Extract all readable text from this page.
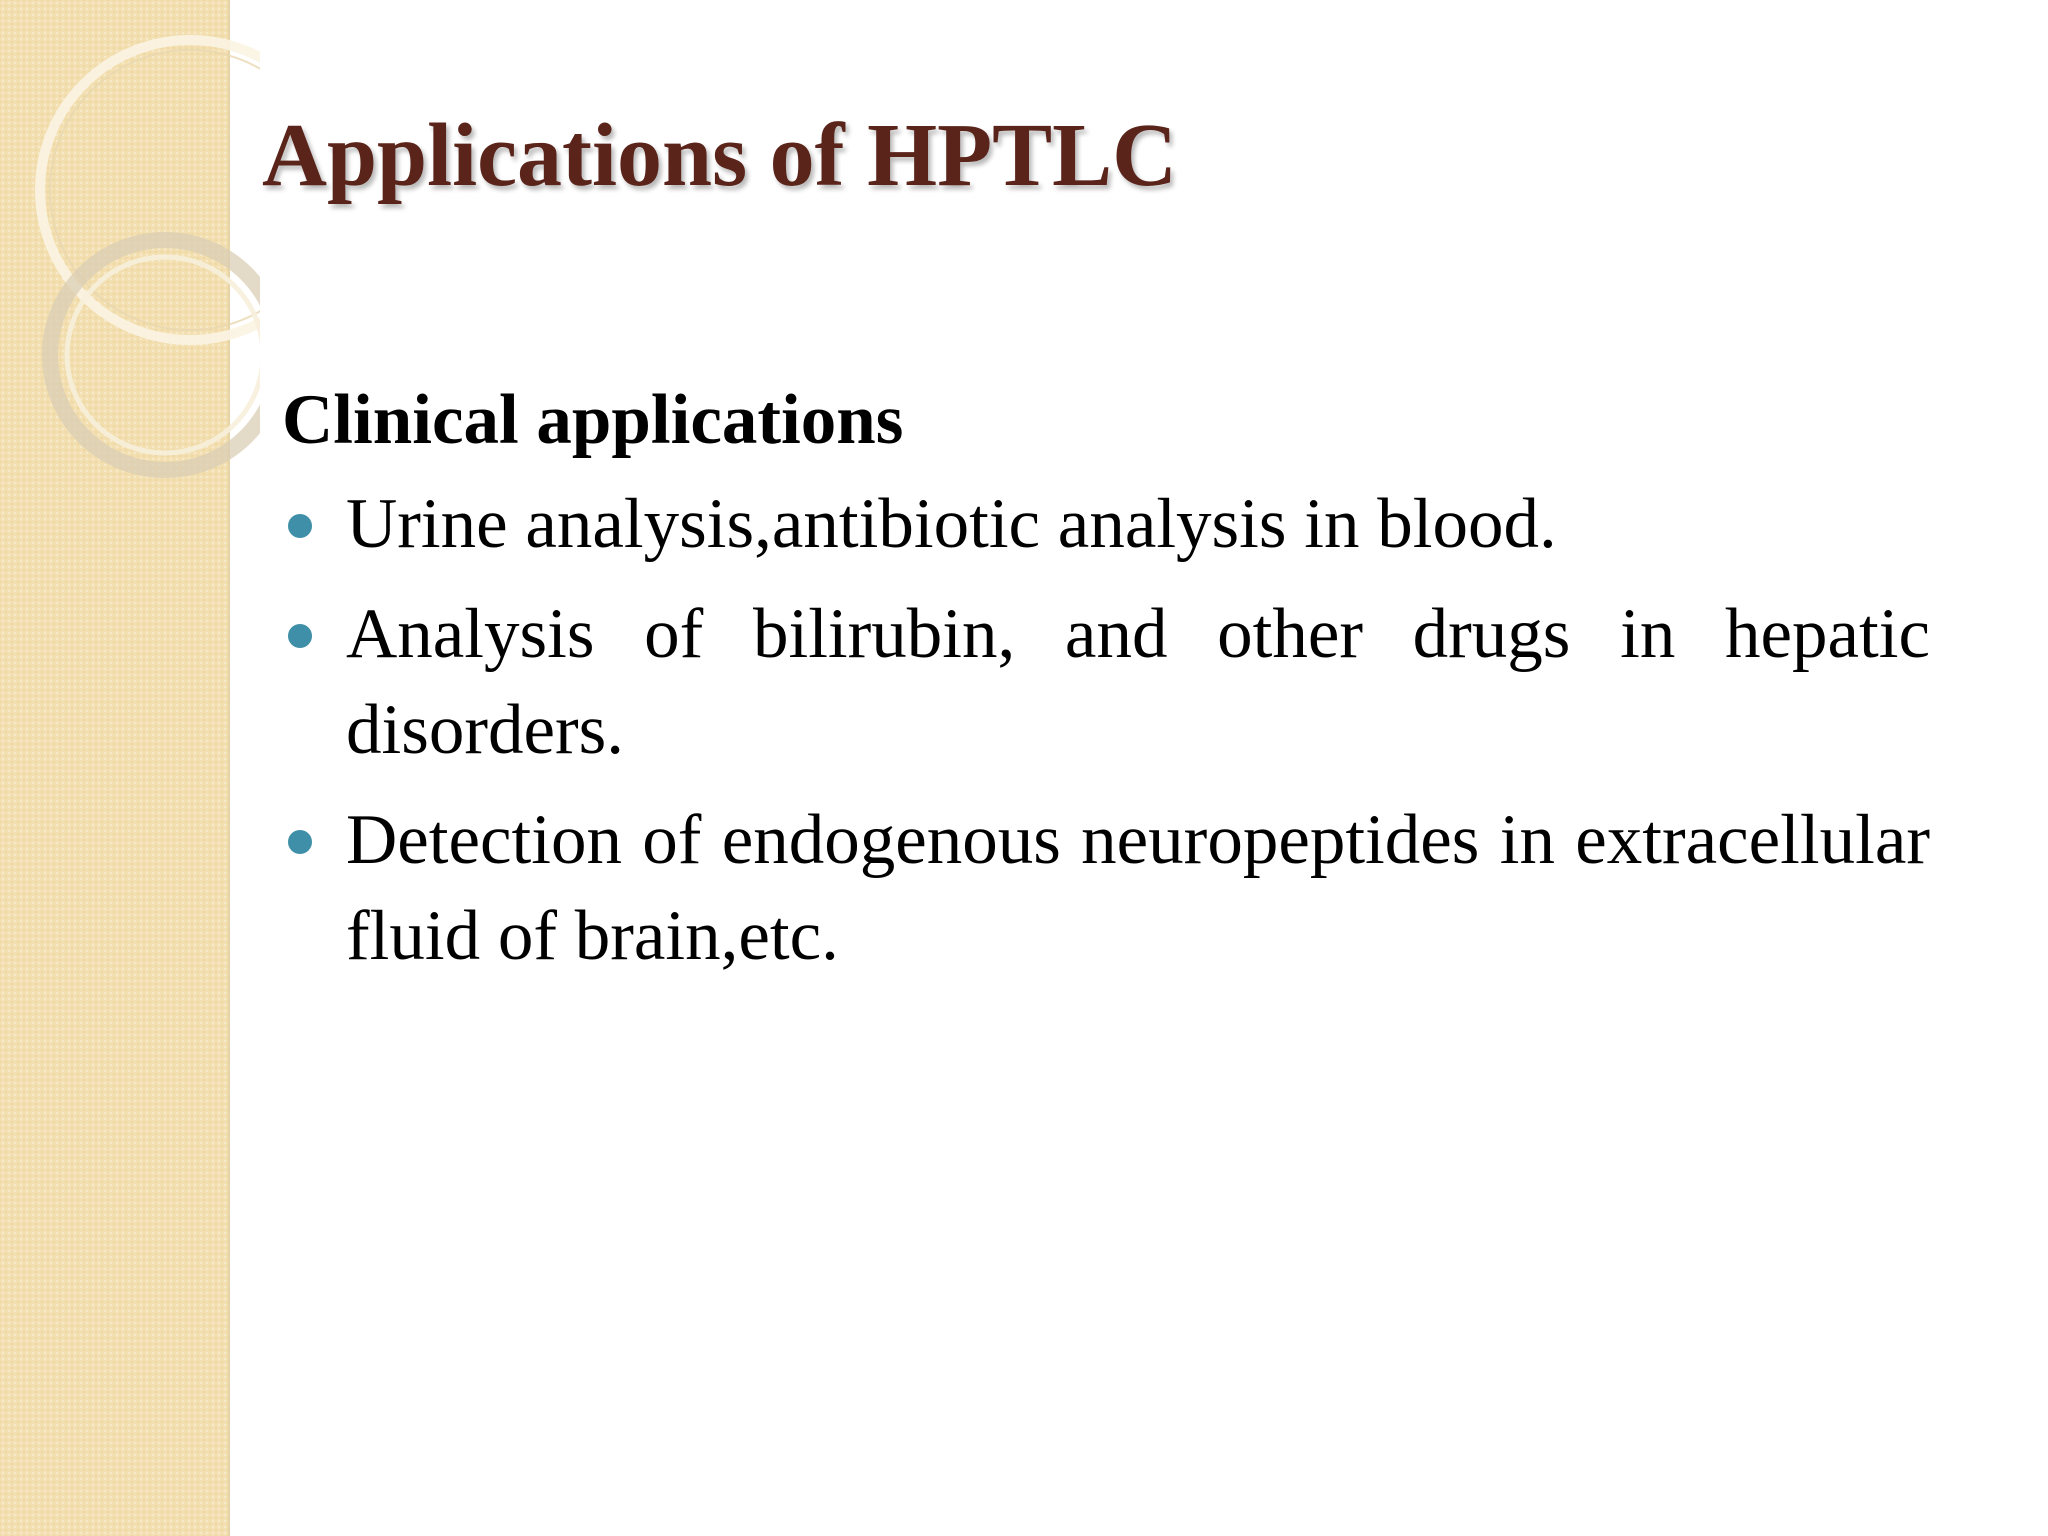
Applications of HPTLC

Clinical applications

Urine analysis,antibiotic analysis in blood.
Analysis of bilirubin, and other drugs in hepatic disorders.
Detection of endogenous neuropeptides in extracellular fluid of brain,etc.
